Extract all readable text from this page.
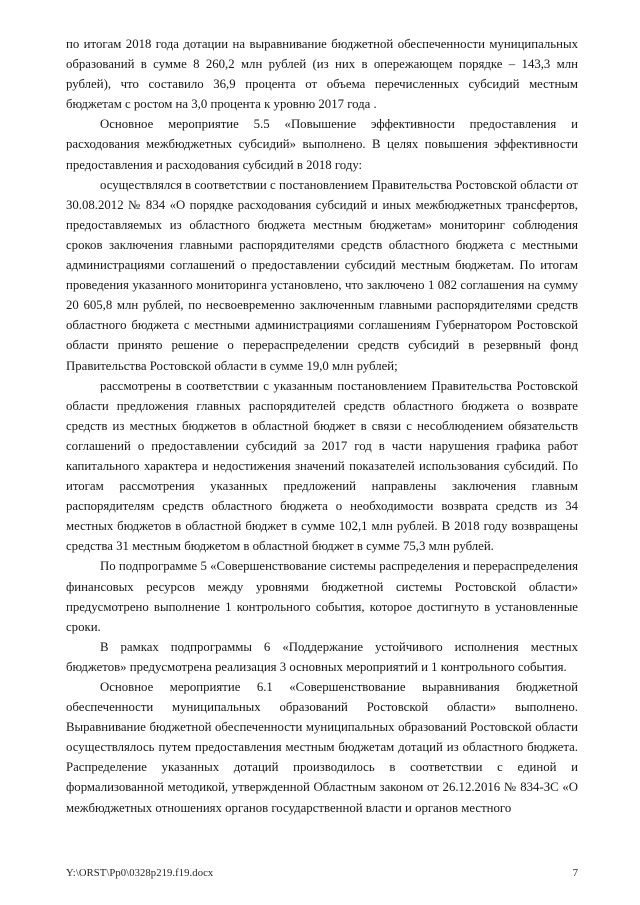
по итогам 2018 года дотации на выравнивание бюджетной обеспеченности муниципальных образований в сумме 8 260,2 млн рублей (из них в опережающем порядке – 143,3 млн рублей), что составило 36,9 процента от объема перечисленных субсидий местным бюджетам с ростом на 3,0 процента к уровню 2017 года .

Основное мероприятие 5.5 «Повышение эффективности предоставления и расходования межбюджетных субсидий» выполнено. В целях повышения эффективности предоставления и расходования субсидий в 2018 году:

осуществлялся в соответствии с постановлением Правительства Ростовской области от 30.08.2012 № 834 «О порядке расходования субсидий и иных межбюджетных трансфертов, предоставляемых из областного бюджета местным бюджетам» мониторинг соблюдения сроков заключения главными распорядителями средств областного бюджета с местными администрациями соглашений о предоставлении субсидий местным бюджетам. По итогам проведения указанного мониторинга установлено, что заключено 1 082 соглашения на сумму 20 605,8 млн рублей, по несвоевременно заключенным главными распорядителями средств областного бюджета с местными администрациями соглашениям Губернатором Ростовской области принято решение о перераспределении средств субсидий в резервный фонд Правительства Ростовской области в сумме 19,0 млн рублей;

рассмотрены в соответствии с указанным постановлением Правительства Ростовской области предложения главных распорядителей средств областного бюджета о возврате средств из местных бюджетов в областной бюджет в связи с несоблюдением обязательств соглашений о предоставлении субсидий за 2017 год в части нарушения графика работ капитального характера и недостижения значений показателей использования субсидий. По итогам рассмотрения указанных предложений направлены заключения главным распорядителям средств областного бюджета о необходимости возврата средств из 34 местных бюджетов в областной бюджет в сумме 102,1 млн рублей. В 2018 году возвращены средства 31 местным бюджетом в областной бюджет в сумме 75,3 млн рублей.

По подпрограмме 5 «Совершенствование системы распределения и перераспределения финансовых ресурсов между уровнями бюджетной системы Ростовской области» предусмотрено выполнение 1 контрольного события, которое достигнуто в установленные сроки.

В рамках подпрограммы 6 «Поддержание устойчивого исполнения местных бюджетов» предусмотрена реализация 3 основных мероприятий и 1 контрольного события.

Основное мероприятие 6.1 «Совершенствование выравнивания бюджетной обеспеченности муниципальных образований Ростовской области» выполнено. Выравнивание бюджетной обеспеченности муниципальных образований Ростовской области осуществлялось путем предоставления местным бюджетам дотаций из областного бюджета. Распределение указанных дотаций производилось в соответствии с единой и формализованной методикой, утвержденной Областным законом от 26.12.2016 № 834-ЗС «О межбюджетных отношениях органов государственной власти и органов местного

Y:\ORST\Pp0\0328p219.f19.docx	7
